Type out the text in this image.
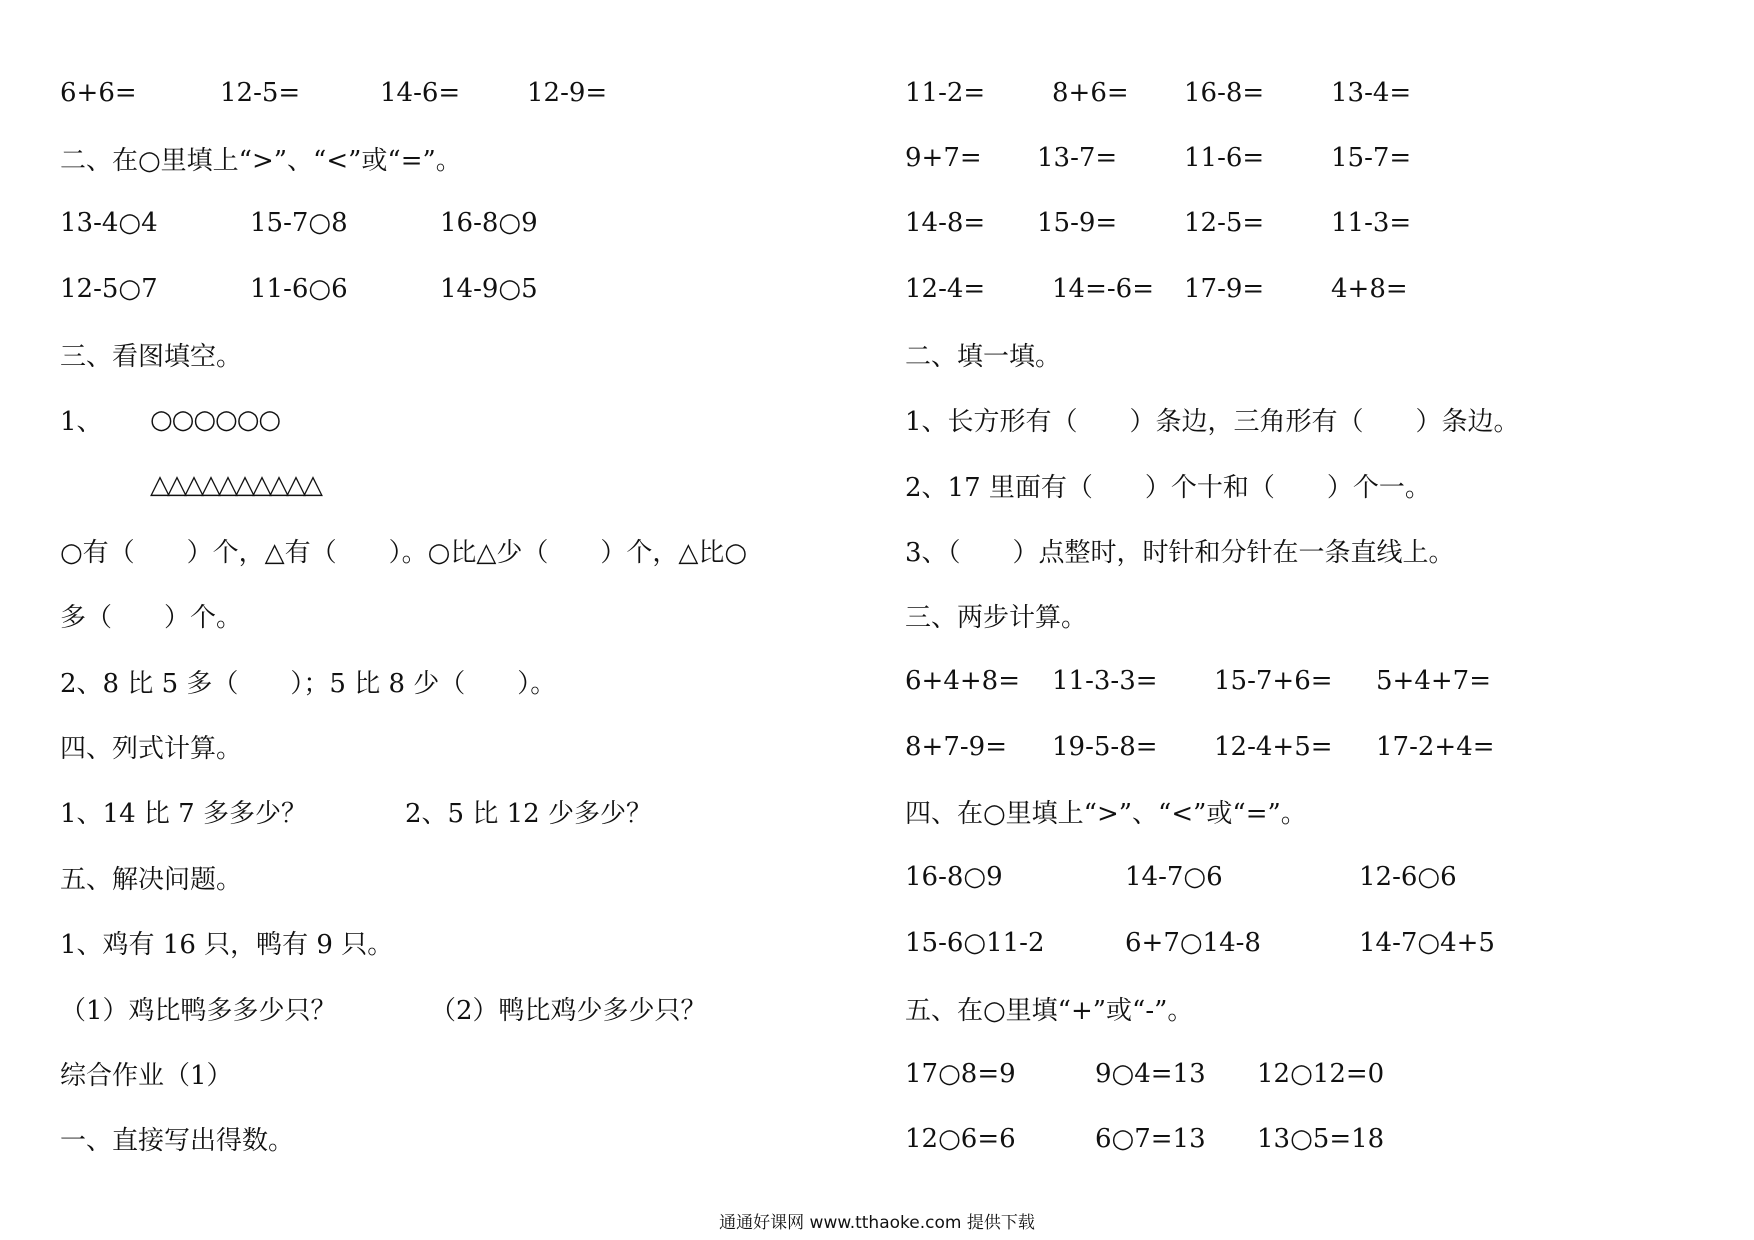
6+6=	12-5=	14-6=	12-9=
二、在○里填上“>”、“<”或“=”。
13-4○4	15-7○8	16-8○9
12-5○7	11-6○6	14-9○5
三、看图填空。
1、	○○○○○○
△△△△△△△△△△
○有（　　）个，△有（　　）。○比△少（　　）个，△比○
多（　　）个。
2、8 比 5 多（　　）；5 比 8 少（　　）。
四、列式计算。
1、14 比 7 多多少？	2、5 比 12 少多少？
五、解决问题。
1、鸡有 16 只，鸭有 9 只。
（1）鸡比鸭多多少只？	（2）鸭比鸡少多少只？
综合作业（1）
一、直接写出得数。
11-2=	8+6=	16-8=	13-4=
9+7=	13-7=	11-6=	15-7=
14-8=	15-9=	12-5=	11-3=
12-4=	14=-6=	17-9=	4+8=
二、填一填。
1、长方形有（　　）条边，三角形有（　　）条边。
2、17 里面有（　　）个十和（　　）个一。
3、（　　）点整时，时针和分针在一条直线上。
三、两步计算。
6+4+8=	11-3-3=	15-7+6=	5+4+7=
8+7-9=	19-5-8=	12-4+5=	17-2+4=
四、在○里填上“>”、“<”或“=”。
16-8○9	14-7○6	12-6○6
15-6○11-2	6+7○14-8	14-7○4+5
五、在○里填“+”或“-”。
17○8=9	9○4=13	12○12=0
12○6=6	6○7=13	13○5=18
通通好课网 www.tthaoke.com 提供下载
